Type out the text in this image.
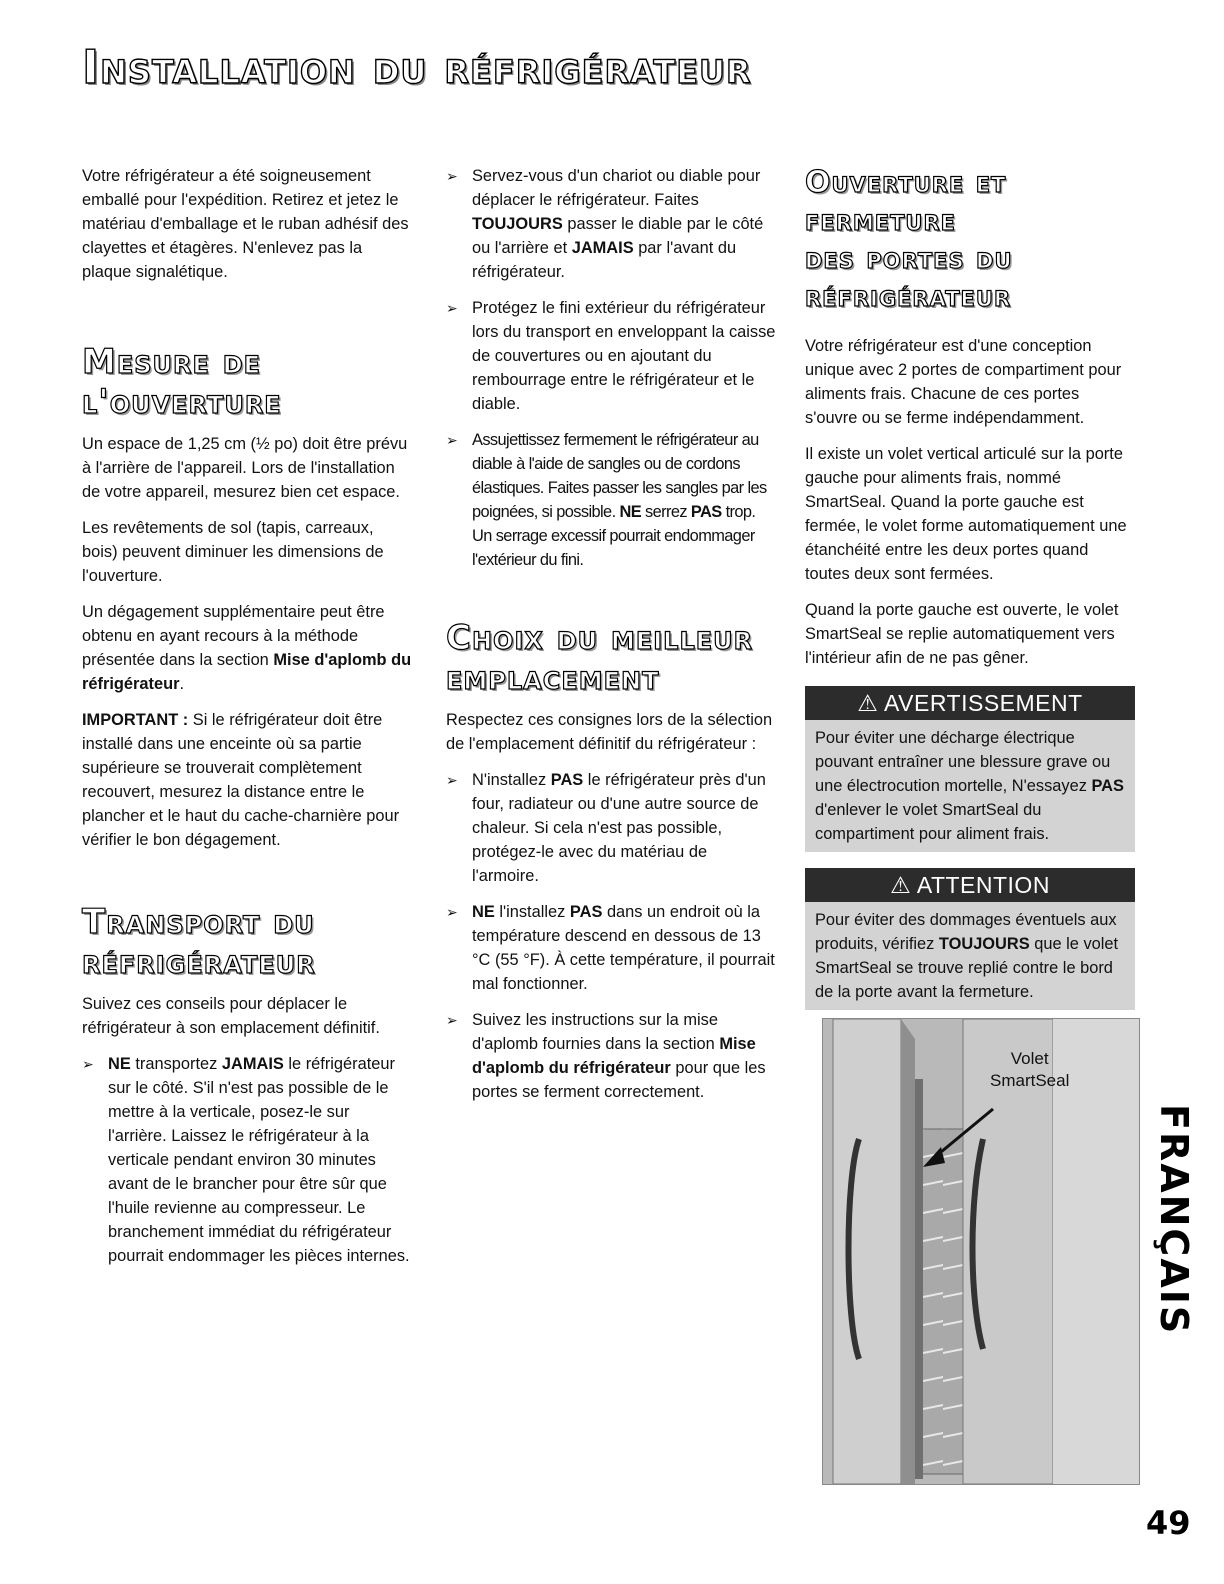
Installation du réfrigérateur

Votre réfrigérateur a été soigneusement emballé pour l'expédition. Retirez et jetez le matériau d'emballage et le ruban adhésif des clayettes et étagères. N'enlevez pas la plaque signalétique.

Mesure de l'ouverture

Un espace de 1,25 cm (½ po) doit être prévu à l'arrière de l'appareil. Lors de l'installation de votre appareil, mesurez bien cet espace.

Les revêtements de sol (tapis, carreaux, bois) peuvent diminuer les dimensions de l'ouverture.

Un dégagement supplémentaire peut être obtenu en ayant recours à la méthode présentée dans la section Mise d'aplomb du réfrigérateur.

IMPORTANT : Si le réfrigérateur doit être installé dans une enceinte où sa partie supérieure se trouverait complètement recouvert, mesurez la distance entre le plancher et le haut du cache-charnière pour vérifier le bon dégagement.

Transport du
réfrigérateur

Suivez ces conseils pour déplacer le réfrigérateur à son emplacement définitif.

➢ NE transportez JAMAIS le réfrigérateur sur le côté. S'il n'est pas possible de le mettre à la verticale, posez-le sur l'arrière. Laissez le réfrigérateur à la verticale pendant environ 30 minutes avant de le brancher pour être sûr que l'huile revienne au compresseur. Le branchement immédiat du réfrigérateur pourrait endommager les pièces internes.
➢ Servez-vous d'un chariot ou diable pour déplacer le réfrigérateur. Faites TOUJOURS passer le diable par le côté ou l'arrière et JAMAIS par l'avant du réfrigérateur.
➢ Protégez le fini extérieur du réfrigérateur lors du transport en enveloppant la caisse de couvertures ou en ajoutant du rembourrage entre le réfrigérateur et le diable.
➢ Assujettissez fermement le réfrigérateur au diable à l'aide de sangles ou de cordons élastiques. Faites passer les sangles par les poignées, si possible. NE serrez PAS trop. Un serrage excessif pourrait endommager l'extérieur du fini.
Choix du meilleur
emplacement

Respectez ces consignes lors de la sélection de l'emplacement définitif du réfrigérateur :

➢ N'installez PAS le réfrigérateur près d'un four, radiateur ou d'une autre source de chaleur. Si cela n'est pas possible, protégez-le avec du matériau de l'armoire.
➢ NE l'installez PAS dans un endroit où la température descend en dessous de 13 °C (55 °F). À cette température, il pourrait mal fonctionner.
➢ Suivez les instructions sur la mise d'aplomb fournies dans la section Mise d'aplomb du réfrigérateur pour que les portes se ferment correctement.
Ouverture et fermeture
des portes du
réfrigérateur

Votre réfrigérateur est d'une conception unique avec 2 portes de compartiment pour aliments frais. Chacune de ces portes s'ouvre ou se ferme indépendamment.

Il existe un volet vertical articulé sur la porte gauche pour aliments frais, nommé SmartSeal. Quand la porte gauche est fermée, le volet forme automatiquement une étanchéité entre les deux portes quand toutes deux sont fermées.

Quand la porte gauche est ouverte, le volet SmartSeal se replie automatiquement vers l'intérieur afin de ne pas gêner.

⚠ AVERTISSEMENT
Pour éviter une décharge électrique pouvant entraîner une blessure grave ou une électrocution mortelle, N'essayez PAS d'enlever le volet SmartSeal du compartiment pour aliment frais.
⚠ ATTENTION
Pour éviter des dommages éventuels aux produits, vérifiez TOUJOURS que le volet SmartSeal se trouve replié contre le bord de la porte avant la fermeture.
Volet
SmartSeal
FRANÇAIS
49
